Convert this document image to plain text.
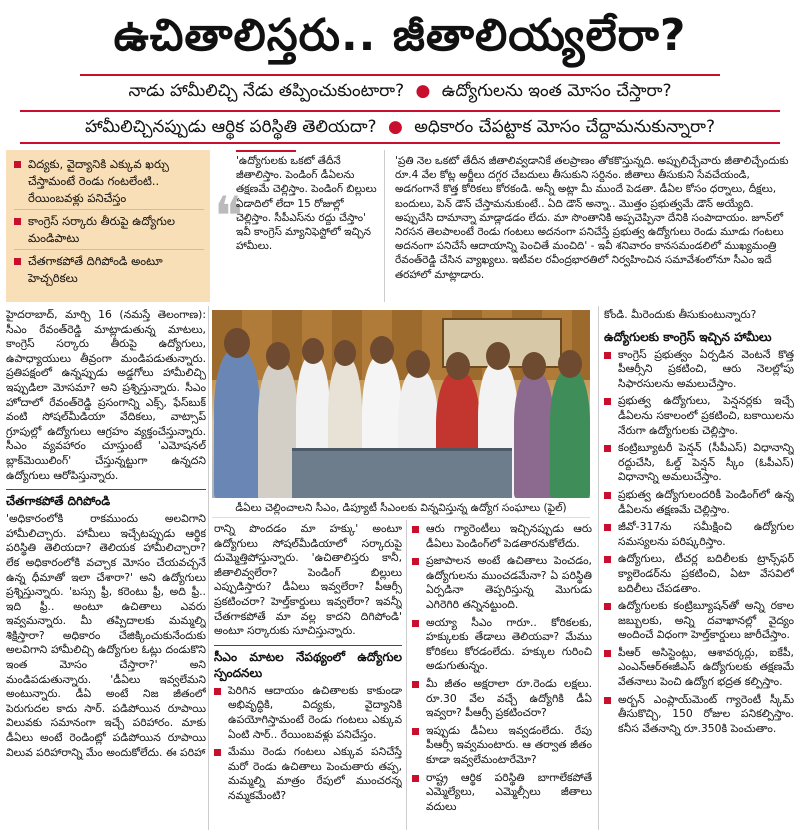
ఉచితాలిస్తరు.. జీతాలియ్యలేరా?
నాడు హామీలిచ్చి నేడు తప్పించుకుంటారా? ● ఉద్యోగులను ఇంత మోసం చేస్తారా?
హామీలిచ్చినప్పుడు ఆర్థిక పరిస్థితి తెలియదా? ● అధికారం చేపట్టాక మోసం చేద్దామనుకున్నారా?
విద్యకు, వైద్యానికి ఎక్కువ ఖర్చు చేస్తామంటే రెండు గంటలేంటి.. రేయింబవళ్లు పనిచేస్తం
కాంగ్రెస్ సర్కారు తీరుపై ఉద్యోగుల మండిపాటు
చేతగాకపోతే దిగిపోండి అంటూ హెచ్చరికలు
❝
'ఉద్యోగులకు ఒకటో తేదీనే జీతాలిస్తాం. పెండింగ్ డీఏలను తక్షణమే చెల్లిస్తాం. పెండింగ్ బిల్లులు ఏడాదిలో లేదా 15 రోజుల్లో చెల్లిస్తాం. సీపీఎస్‌ను రద్దు చేస్తాం' ఇవీ కాంగ్రెస్ మ్యానిఫెస్టోలో ఇచ్చిన హామీలు.
'ప్రతి నెల ఒకటో తేదీన జీతాలివ్వడానికే తలప్రాణం తోకకొస్తున్నది. అప్పులిచ్చేవారు జీతాలిచ్చేందుకు రూ.4 వేల కోట్ల అర్జీలు దగ్గర చేబదులు తీసుకుని సర్దినం. జీతాలు తీసుకుని సేవచేయండి, అడగంగానే కొత్త కోరికలు కోరకండి. అన్నీ అట్లా మీ ముందే పెడతా. డీఏల కోసం ధర్నాలు, దీక్షలు, బందులు, పెన్ డౌన్ చేస్తామనుకుంటే.. ఏది డౌన్ అన్నా.. మొత్తం ప్రభుత్వమే డౌన్ అయ్యేది. అప్పుచేసి దామాన్నా మాడ్లాడడం లేదు. మా సొంతానికి అప్పచెప్పినా దేనికి సంపాదాయం. జూన్‌లో నిరసన తెలపాలంటే రెండు గంటలు అదనంగా పనిచేస్తే ప్రభుత్వ ఉద్యోగులు రెండు మూడు గంటలు అదనంగా పనిచేసే ఆదాయాన్ని పెంచితే మంచిది' - ఇవీ శనివారం కానసమండలిలో ముఖ్యమంత్రి రేవంత్‌రెడ్డి చేసిన వ్యాఖ్యలు. ఇటీవల రవీంద్రభారతిలో నిర్వహించిన సమావేశంలోనూ సీఎం ఇదే తరహాలో మాట్లాడారు.

హైదరాబాద్, మార్చి 16 (నమస్తే తెలంగాణ): సీఎం రేవంత్‌రెడ్డి మాట్లాడుతున్న మాటలు, కాంగ్రెస్ సర్కారు తీరుపై ఉద్యోగులు, ఉపాధ్యాయులు తీవ్రంగా మండిపడుతున్నారు. ప్రతిపక్షంలో ఉన్నప్పుడు అడ్డగోలు హామీలిచ్చి ఇప్పుడిలా మోసమా? అని ప్రశ్నిస్తున్నారు. సీఎం హోదాలో రేవంత్‌రెడ్డి ప్రసంగాన్ని ఎక్స్, ఫేస్‌బుక్ వంటి సోషల్‌మీడియా వేదికలు, వాట్సాప్ గ్రూపుల్లో ఉద్యోగులు ఆగ్రహం వ్యక్తంచేస్తున్నారు. సీఎం వ్యవహారం చూస్తుంటే 'ఎమోషనల్ బ్లాక్‌మెయిలింగ్' చేస్తున్నట్టుగా ఉన్నదని ఉద్యోగులు ఆరోపిస్తున్నారు.

చేతగాకపోతే దిగిపోండి

'అధికారంలోకి రాకముందు అలవిగాని హామీలిచ్చారు. హామీలు ఇచ్చేటప్పుడు ఆర్థిక పరిస్థితి తెలియదా? తెలియక హామీలిచ్చారా? లేక అధికారంలోకి వచ్చాక మోసం చేయవచ్చనే ఉన్న ధీమాతో ఇలా చేశారా?' అని ఉద్యోగులు ప్రశ్నిస్తున్నారు. 'బస్సు ఫ్రీ, కరెంటు ఫ్రీ, అది ఫ్రీ.. ఇది ఫ్రీ.. అంటూ ఉచితాలు ఎవరు ఇవ్వమన్నారు. మీ తప్పిదాలకు మమ్మల్ని శిక్షిస్తారా? అధికారం చేజిక్కించుకునేందుకు అలవిగాని హామీలిచ్చి ఉద్యోగుల ఓట్లు దండుకొని ఇంత మోసం చేస్తారా?' అని మండిపడుతున్నారు. 'డీఏలు ఇవ్వలేమని అంటున్నారు. డీఏ అంటే నిజ జీతంలో పెరుగుదల కాదు సార్. పడిపోయిన రూపాయి విలువకు సమానంగా ఇచ్చే పరిహారం. మాకు డీఏలు అంటే రెండింట్లో పడిపోయిన రూపాయి విలువ పరిహారాన్ని మేం అందుకోలేదు. ఈ పరిహా

డీఏలు చెల్లించాలని సీఎం, డిప్యూటీ సీఎంలకు విన్నవిస్తున్న ఉద్యోగ సంఘాలు (ఫైల్)

రాన్ని పొందడం మా హక్కు' అంటూ ఉద్యోగులు సోషల్‌మీడియాలో సర్కారుపై దుమ్మెత్తిపోస్తున్నారు. 'ఉచితాలిస్తరు కానీ, జీతాలివ్వలేరా? పెండింగ్ బిల్లులు ఎప్పుడిస్తారు? డీఏలు ఇవ్వలేరా? పీఆర్సీ ప్రకటించరా? హెల్త్‌కార్డులు ఇవ్వలేరా? ఇవన్నీ చేతగాకపోతే మా వల్ల కాదని దిగిపోండి' అంటూ సర్కారుకు సూచిస్తున్నారు.

సీఎం మాటల నేపథ్యంలో ఉద్యోగుల స్పందనలు
పెరిగిన ఆదాయం ఉచితాలకు కాకుండా అభివృద్ధికి, విద్యకు, వైద్యానికి ఉపయోగిస్తామంటే రెండు గంటలు ఎక్కువ ఏంటి సార్.. రేయింబవళ్లు పనిచేస్తం.
మేము రెండు గంటలు ఎక్కువ పనిచేస్తే మరో రెండు ఉచితాలు పెంచుతారు తప్ప, మమ్మల్ని మాత్రం రేపులో ముంచరన్న నమ్మకమేంటి?
ఆరు గ్యారెంటీలు ఇచ్చినప్పుడు ఆరు డీఏలు పెండింగ్‌లో పెడతారనుకోలేదు.
ప్రజాపాలన అంటే ఉచితాలు పెంచడం, ఉద్యోగులను ముంచడమేనా? ఏ పరిస్థితి ఏర్పడినా తెప్పరిస్తున్న మొగుడు ఎగిరెగిరి తన్నినట్టుంది.
అయ్యా సీఎం గారూ.. కోరికలకు, హక్కులకు తేడాలు తెలియవా? మేము కోరికలు కోరడంలేదు. హక్కుల గురించి అడుగుతున్నం.
మీ జీతం అక్షరాలా రూ.రెండు లక్షలు. రూ.30 వేల వచ్చే ఉద్యోగికి డీఏ ఇవ్వరా? పీఆర్సీ ప్రకటించరా?
ఇప్పుడు డీఏలు ఇవ్వడంలేదు. రేపు పీఆర్సీ ఇవ్వమంటారు. ఆ తర్వాత జీతం కూడా ఇవ్వలేమంటారేమో?
రాష్ట్ర ఆర్థిక పరిస్థితి బాగాలేకపోతే ఎమ్మెల్యేలు, ఎమ్మెల్సీలు జీతాలు వదులు

కోండి. మీరెందుకు తీసుకుంటున్నారు?

ఉద్యోగులకు కాంగ్రెస్ ఇచ్చిన హామీలు
కాంగ్రెస్ ప్రభుత్వం ఏర్పడిన వెంటనే కొత్త పీఆర్సీని ప్రకటించి, ఆరు నెలల్లోపు సిఫారసులను అమలుచేస్తాం.
ప్రభుత్వ ఉద్యోగులు, పెన్షనర్లకు ఇచ్చే డీఏలను సకాలంలో ప్రకటించి, బకాయిలను నేరుగా ఉద్యోగులకు చెల్లిస్తాం.
కంట్రిబ్యూటరీ పెన్షన్ (సీపీఎస్) విధానాన్ని రద్దుచేసి, ఓల్డ్ పెన్షన్ స్కీం (ఓపీఎస్) విధానాన్ని అమలుచేస్తాం.
ప్రభుత్వ ఉద్యోగులందరికీ పెండింగ్‌లో ఉన్న డీఏలను తక్షణమే చెల్లిస్తాం.
జీవో-317ను సమీక్షించి ఉద్యోగుల సమస్యలను పరిష్కరిస్తాం.
ఉద్యోగులు, టీచర్ల బదిలీలకు ట్రాన్స్‌ఫర్ క్యాలెండర్‌ను ప్రకటించి, ఏటా వేసవిలో బదిలీలు చేపడతాం.
ఉద్యోగులకు కంట్రిబ్యూషన్‌తో అన్ని రకాల జబ్బులకు, అన్ని దవాఖానల్లో వైద్యం అందించే విధంగా హెల్త్‌కార్డులు జారీచేస్తాం.
పీఆర్ అసిస్టెంట్లు, ఆశావర్కర్లు, ఐకేపీ, ఎంఎన్ఆర్ఈజీఎస్ ఉద్యోగులకు తక్షణమే వేతనాలు పెంచి ఉద్యోగ భద్రత కల్పిస్తాం.
అర్బన్ ఎంప్లాయ్‌మెంట్ గ్యారెంటీ స్కీమ్ తీసుకొచ్చి, 150 రోజుల పనికల్పిస్తాం. కనీస వేతనాన్ని రూ.350కి పెంచుతాం.
